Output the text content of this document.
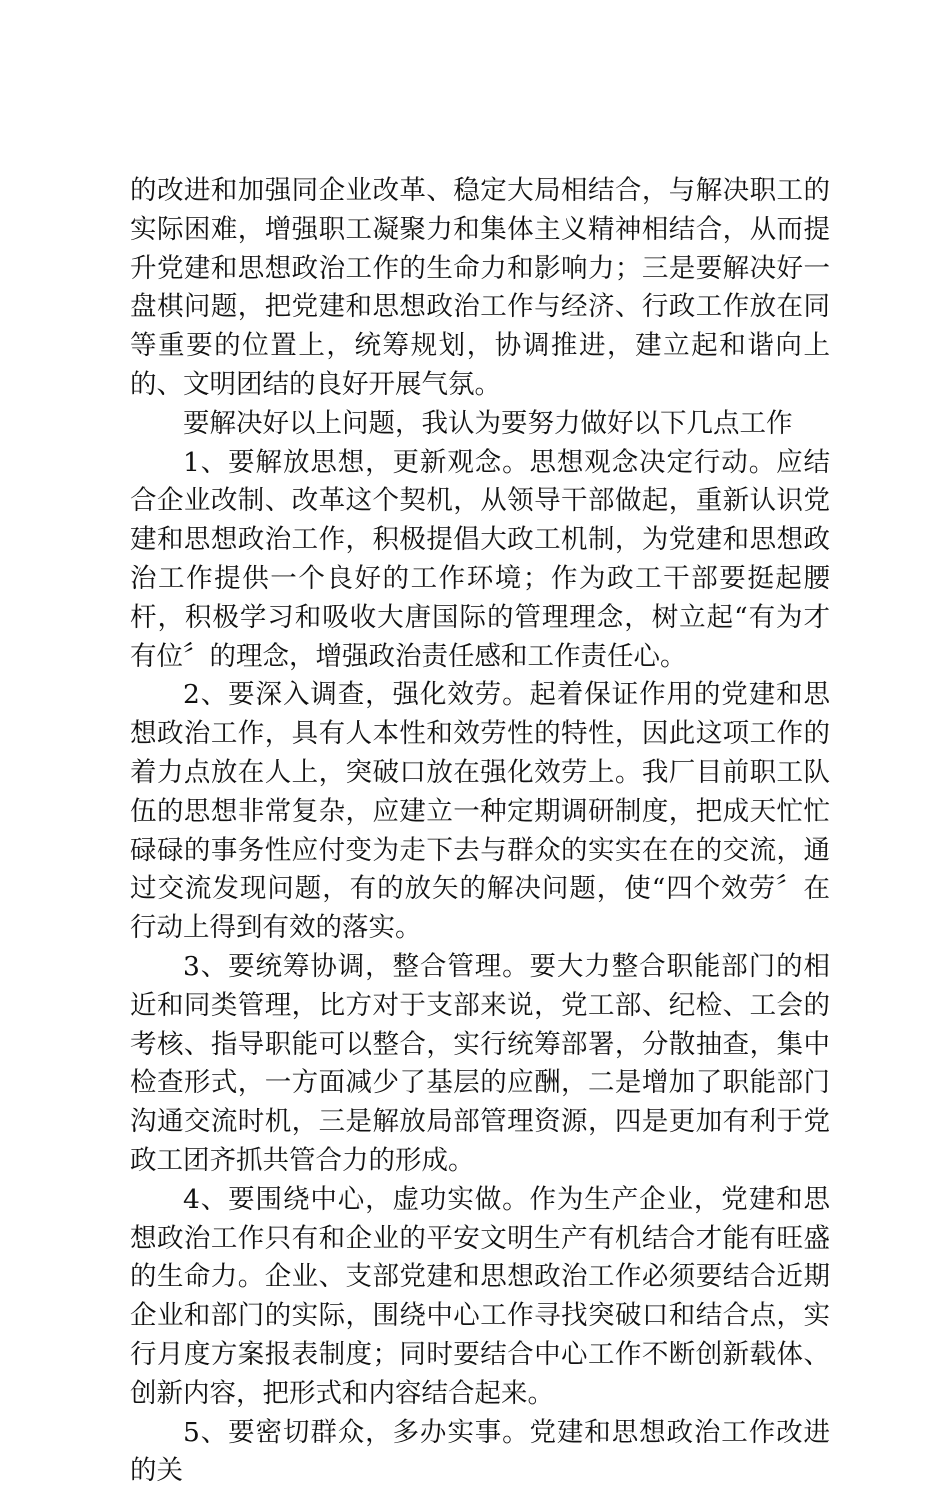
的改进和加强同企业改革、稳定大局相结合，与解决职工的实际困难，增强职工凝聚力和集体主义精神相结合，从而提升党建和思想政治工作的生命力和影响力；三是要解决好一盘棋问题，把党建和思想政治工作与经济、行政工作放在同等重要的位置上，统筹规划，协调推进，建立起和谐向上的、文明团结的良好开展气氛。

要解决好以上问题，我认为要努力做好以下几点工作

1、要解放思想，更新观念。思想观念决定行动。应结合企业改制、改革这个契机，从领导干部做起，重新认识党建和思想政治工作，积极提倡大政工机制，为党建和思想政治工作提供一个良好的工作环境；作为政工干部要挺起腰杆，积极学习和吸收大唐国际的管理理念，树立起“有为才有位〞的理念，增强政治责任感和工作责任心。

2、要深入调查，强化效劳。起着保证作用的党建和思想政治工作，具有人本性和效劳性的特性，因此这项工作的着力点放在人上，突破口放在强化效劳上。我厂目前职工队伍的思想非常复杂，应建立一种定期调研制度，把成天忙忙碌碌的事务性应付变为走下去与群众的实实在在的交流，通过交流发现问题，有的放矢的解决问题，使“四个效劳〞在行动上得到有效的落实。

3、要统筹协调，整合管理。要大力整合职能部门的相近和同类管理，比方对于支部来说，党工部、纪检、工会的考核、指导职能可以整合，实行统筹部署，分散抽查，集中检查形式，一方面减少了基层的应酬，二是增加了职能部门沟通交流时机，三是解放局部管理资源，四是更加有利于党政工团齐抓共管合力的形成。

4、要围绕中心，虚功实做。作为生产企业，党建和思想政治工作只有和企业的平安文明生产有机结合才能有旺盛的生命力。企业、支部党建和思想政治工作必须要结合近期企业和部门的实际，围绕中心工作寻找突破口和结合点，实行月度方案报表制度；同时要结合中心工作不断创新载体、创新内容，把形式和内容结合起来。

5、要密切群众，多办实事。党建和思想政治工作改进的关
